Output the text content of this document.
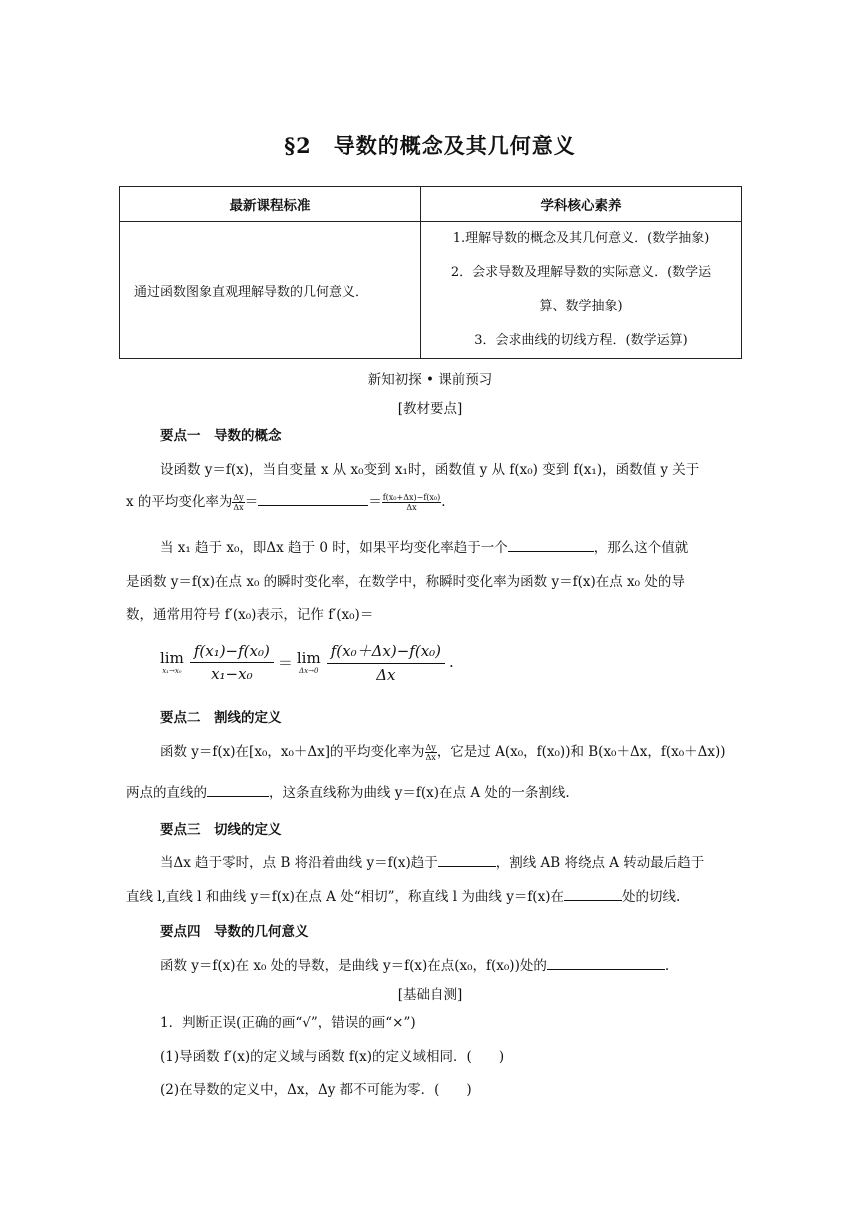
§2　导数的概念及其几何意义
最新课程标准	学科核心素养
通过函数图象直观理解导数的几何意义．	1.理解导数的概念及其几何意义．(数学抽象)
2．会求导数及理解导数的实际意义．(数学运
算、数学抽象)
3．会求曲线的切线方程．(数学运算)
新知初探 • 课前预习
[教材要点]
要点一　导数的概念
设函数 y＝f(x)，当自变量 x 从 x₀变到 x₁时，函数值 y 从 f(x₀) 变到 f(x₁)，函数值 y 关于
x 的平均变化率为 $\frac{\Delta y}{\Delta x}$ ＝	＝ $\frac{\text{f(x₀+Δx)−f(x₀)}}{\Delta x}$ .
当 x₁ 趋于 x₀，即Δx 趋于 0 时，如果平均变化率趋于一个	，那么这个值就
是函数 y＝f(x)在点 x₀ 的瞬时变化率，在数学中，称瞬时变化率为函数 y＝f(x)在点 x₀ 处的导
数，通常用符号 f′(x₀)表示，记作 f′(x₀)＝
lim
$x_1\to x_0 \frac{\text{f(x₁)−f(x₀)}}{\text{x₁−x₀}} = \lim$
$\Delta x\to 0 \frac{\text{f(x₀＋Δx)−f(x₀)}}{\Delta x}$ .
要点二　割线的定义
函数 y＝f(x)在[x₀，x₀＋Δx]的平均变化率为 $\frac{\Delta y}{\Delta x}$ ，它是过 A(x₀，f(x₀))和 B(x₀＋Δx，f(x₀＋Δx))
两点的直线的	，这条直线称为曲线 y＝f(x)在点 A 处的一条割线.
要点三　切线的定义
当Δx 趋于零时，点 B 将沿着曲线 y＝f(x)趋于	，割线 AB 将绕点 A 转动最后趋于
直线 l,直线 l 和曲线 y＝f(x)在点 A 处“相切”，称直线 l 为曲线 y＝f(x)在	处的切线.
要点四　导数的几何意义
函数 y＝f(x)在 x₀ 处的导数，是曲线 y＝f(x)在点(x₀，f(x₀))处的	.
[基础自测]
1．判断正误(正确的画“√”，错误的画“×”)
(1)导函数 f′(x)的定义域与函数 f(x)的定义域相同．(　　)
(2)在导数的定义中，Δx，Δy 都不可能为零．(　　)
